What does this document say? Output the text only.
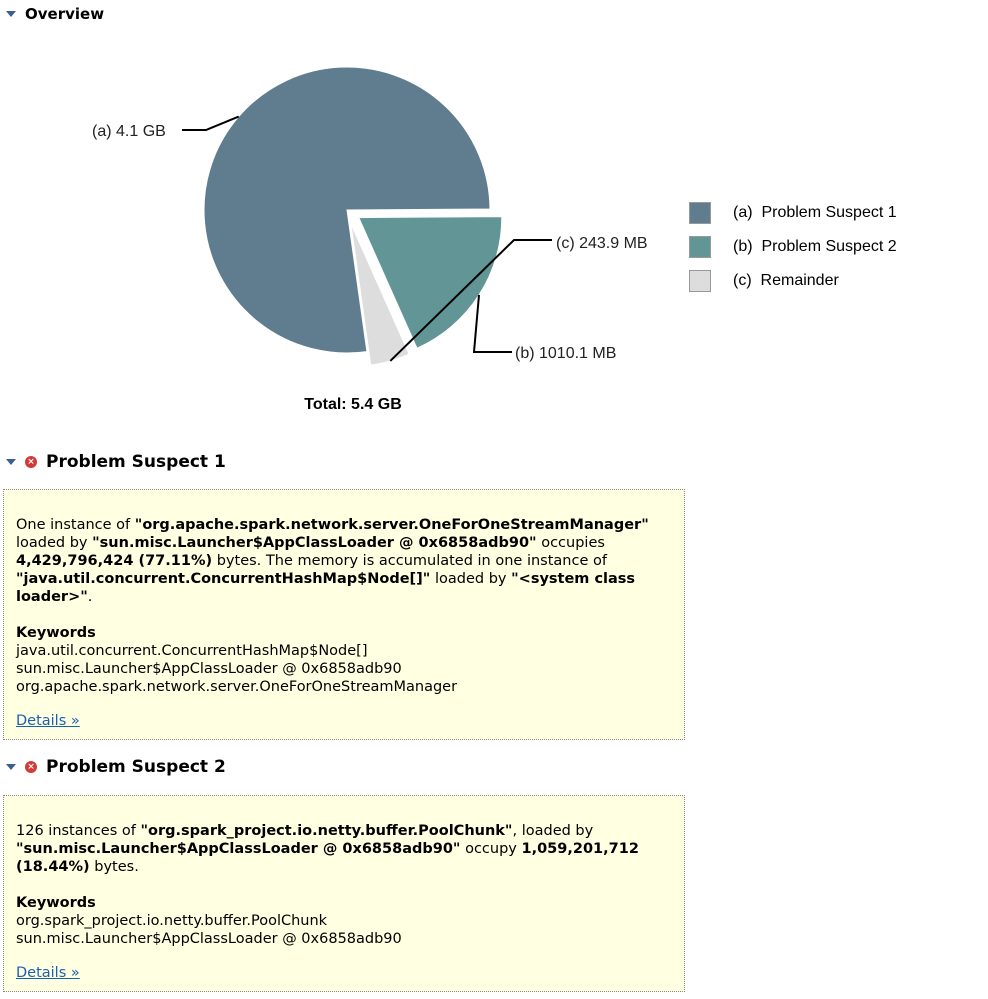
Overview
(a) 4.1 GB
(b) 1010.1 MB
(c) 243.9 MB
Total: 5.4 GB
(a)  Problem Suspect 1
(b)  Problem Suspect 2
(c)  Remainder
× Problem Suspect 1
One instance of "org.apache.spark.network.server.OneForOneStreamManager" loaded by "sun.misc.Launcher$AppClassLoader @ 0x6858adb90" occupies 4,429,796,424 (77.11%) bytes. The memory is accumulated in one instance of "java.util.concurrent.ConcurrentHashMap$Node[]" loaded by "<system class loader>".
Keywords
java.util.concurrent.ConcurrentHashMap$Node[]
sun.misc.Launcher$AppClassLoader @ 0x6858adb90
org.apache.spark.network.server.OneForOneStreamManager
Details »
× Problem Suspect 2
126 instances of "org.spark_project.io.netty.buffer.PoolChunk", loaded by "sun.misc.Launcher$AppClassLoader @ 0x6858adb90" occupy 1,059,201,712 (18.44%) bytes.
Keywords
org.spark_project.io.netty.buffer.PoolChunk
sun.misc.Launcher$AppClassLoader @ 0x6858adb90
Details »
